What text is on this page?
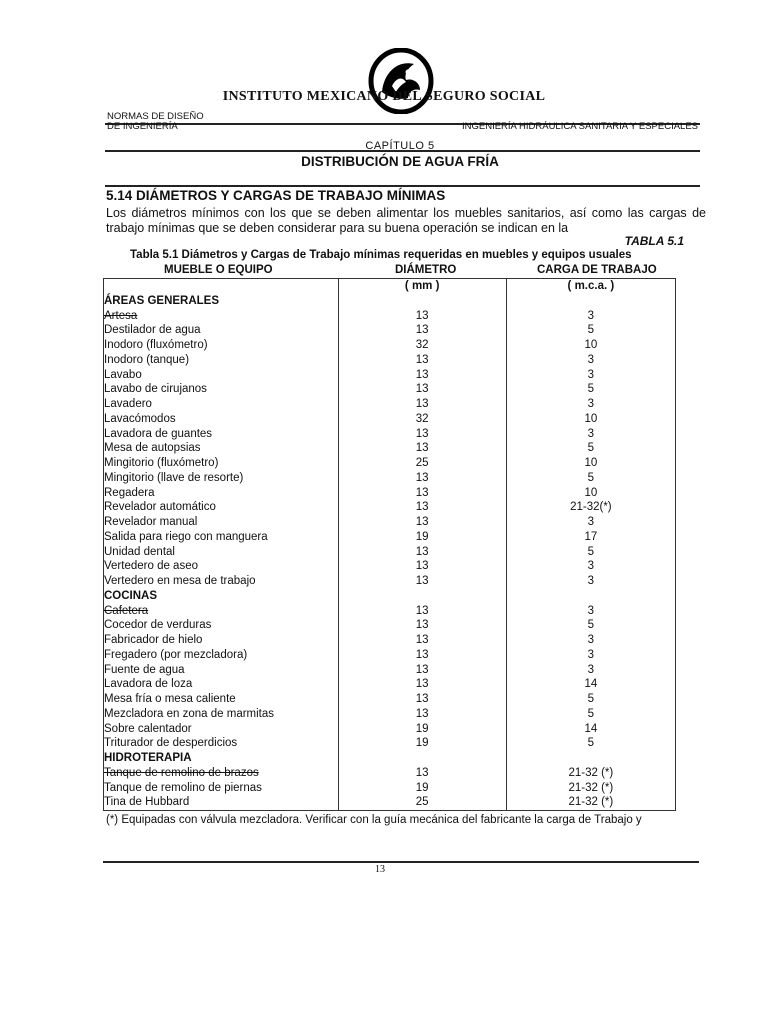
INSTITUTO MEXICANO DEL SEGURO SOCIAL
NORMAS DE DISEÑO
DE INGENIERÍA	INGENIERÍA HIDRÁULICA SANITARIA Y ESPECIALES
CAPÍTULO 5
DISTRIBUCIÓN DE AGUA FRÍA
5.14 DIÁMETROS Y CARGAS DE TRABAJO MÍNIMAS
Los diámetros mínimos con los que se deben alimentar los muebles sanitarios, así como las cargas de trabajo mínimas que se deben considerar para su buena operación se indican en la
TABLA 5.1
Tabla 5.1 Diámetros y Cargas de Trabajo mínimas requeridas en muebles y equipos usuales
MUEBLE O EQUIPO	DIÁMETRO	CARGA DE TRABAJO
	( mm )	( m.c.a. )
ÁREAS GENERALES		
Artesa	13	3
Destilador de agua	13	5
Inodoro (fluxómetro)	32	10
Inodoro (tanque)	13	3
Lavabo	13	3
Lavabo de cirujanos	13	5
Lavadero	13	3
Lavacómodos	32	10
Lavadora de guantes	13	3
Mesa de autopsias	13	5
Mingitorio (fluxómetro)	25	10
Mingitorio (llave de resorte)	13	5
Regadera	13	10
Revelador automático	13	21-32(*)
Revelador manual	13	3
Salida para riego con manguera	19	17
Unidad dental	13	5
Vertedero de aseo	13	3
Vertedero en mesa de trabajo	13	3
COCINAS		
Cafetera	13	3
Cocedor de verduras	13	5
Fabricador de hielo	13	3
Fregadero (por mezcladora)	13	3
Fuente de agua	13	3
Lavadora de loza	13	14
Mesa fría o mesa caliente	13	5
Mezcladora en zona de marmitas	13	5
Sobre calentador	19	14
Triturador de desperdicios	19	5
HIDROTERAPIA		
Tanque de remolino de brazos	13	21-32 (*)
Tanque de remolino de piernas	19	21-32 (*)
Tina de Hubbard	25	21-32 (*)
(*) Equipadas con válvula mezcladora. Verificar con la guía mecánica del fabricante la carga de Trabajo y
13
